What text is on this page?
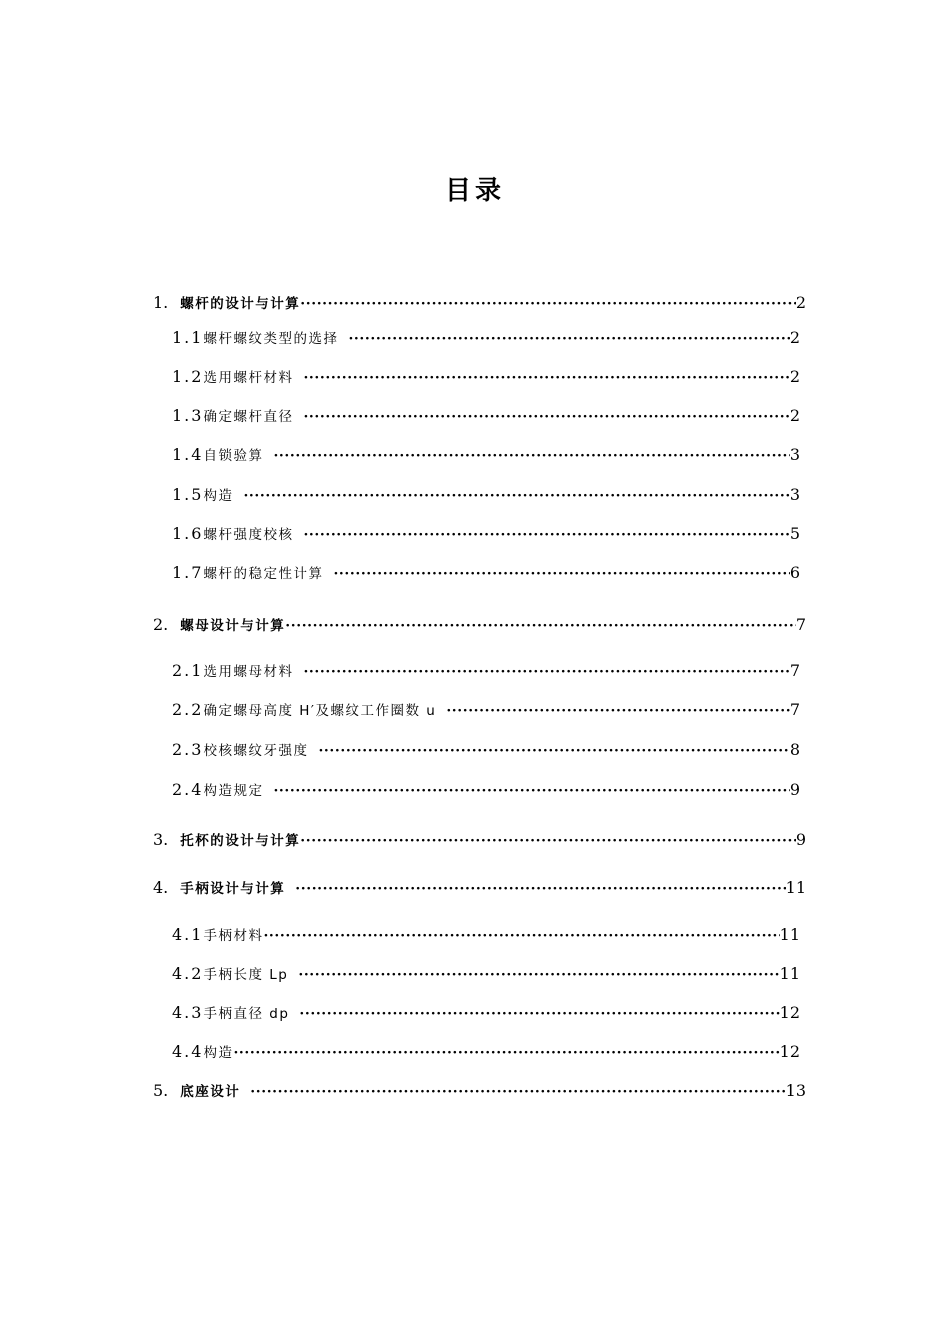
目录
1. 螺杆的设计与计算 ·····	2
1.1 螺杆螺纹类型的选择 ·····	2
1.2 选用螺杆材料 ·····	2
1.3 确定螺杆直径 ·····	2
1.4 自锁验算 ·····	3
1.5 构造 ·····	3
1.6 螺杆强度校核 ·····	5
1.7 螺杆的稳定性计算 ·····	6
2. 螺母设计与计算 ·····	7
2.1 选用螺母材料 ·····	7
2.2 确定螺母高度 H′及螺纹工作圈数 u ·····	7
2.3 校核螺纹牙强度 ·····	8
2.4 构造规定 ·····	9
3. 托杯的设计与计算 ·····	9
4. 手柄设计与计算 ·····	11
4.1 手柄材料 ·····	11
4.2 手柄长度 Lp ·····	11
4.3 手柄直径 dp ·····	12
4.4 构造 ·····	12
5. 底座设计 ·····	13
